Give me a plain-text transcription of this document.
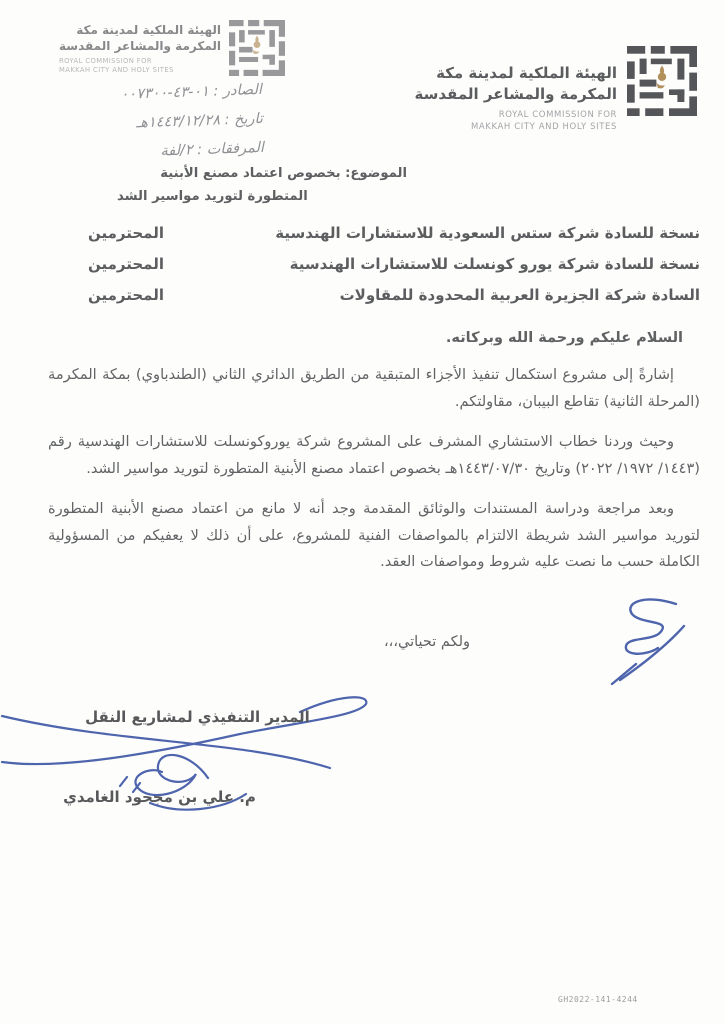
الهيئة الملكية لمدينة مكة
المكرمة والمشاعر المقدسة
ROYAL COMMISSION FOR
MAKKAH CITY AND HOLY SITES
الصادر : ‪٠١-٤٣-٠٠٧٣٠٠‬
تاريخ : ١٤٤٣/١٢/٢٨هـ
المرفقات : ٢/لفة
الهيئة الملكية لمدينة مكة
المكرمة والمشاعر المقدسة
ROYAL COMMISSION FOR
MAKKAH CITY AND HOLY SITES
الموضوع: بخصوص اعتماد مصنع الأبنية
المتطورة لتوريد مواسير الشد
نسخة للسادة شركة ستس السعودية للاستشارات الهندسية
المحترمين
نسخة للسادة شركة يورو كونسلت للاستشارات الهندسية
المحترمين
السادة شركة الجزيرة العربية المحدودة للمقاولات
المحترمين
السلام عليكم ورحمة الله وبركاته.

إشارةً إلى مشروع استكمال تنفيذ الأجزاء المتبقية من الطريق الدائري الثاني (الطندباوي) بمكة المكرمة (المرحلة الثانية) تقاطع البيبان، مقاولتكم.

وحيث وردنا خطاب الاستشاري المشرف على المشروع شركة يوروكونسلت للاستشارات الهندسية رقم (١٤٤٣/ ١٩٧٢/ ٢٠٢٢) وتاريخ ١٤٤٣/٠٧/٣٠هـ بخصوص اعتماد مصنع الأبنية المتطورة لتوريد مواسير الشد.

وبعد مراجعة ودراسة المستندات والوثائق المقدمة وجد أنه لا مانع من اعتماد مصنع الأبنية المتطورة لتوريد مواسير الشد شريطة الالتزام بالمواصفات الفنية للمشروع، على أن ذلك لا يعفيكم من المسؤولية الكاملة حسب ما نصت عليه شروط ومواصفات العقد.

ولكم تحياتي،،،
المدير التنفيذي لمشاريع النقل
م. علي بن مجحود الغامدي
GH2022-141-4244
